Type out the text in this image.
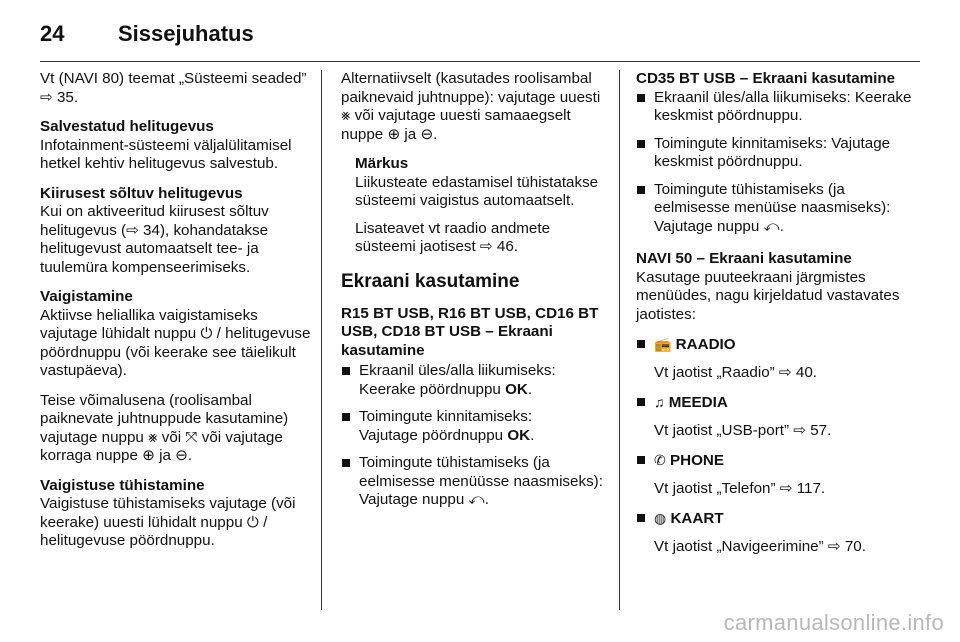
24	Sissejuhatus

Vt (NAVI 80) teemat „Süsteemi seaded” ⇨ 35.

Salvestatud helitugevus

Infotainment-süsteemi väljalülitamisel hetkel kehtiv helitugevus salvestub.

Kiirusest sõltuv helitugevus

Kui on aktiveeritud kiirusest sõltuv helitugevus (⇨ 34), kohandatakse helitugevust automaatselt tee- ja tuulemüra kompenseerimiseks.

Vaigistamine

Aktiivse heliallika vaigistamiseks vajutage lühidalt nuppu ⏻ / helitugevuse pöördnuppu (või keerake see täielikult vastupäeva).

Teise võimalusena (roolisambal paiknevate juhtnuppude kasutamine) vajutage nuppu ⨳ või ⤧ või vajutage korraga nuppe ⊕ ja ⊖.

Vaigistuse tühistamine

Vaigistuse tühistamiseks vajutage (või keerake) uuesti lühidalt nuppu ⏻ / helitugevuse pöördnuppu.

Alternatiivselt (kasutades roolisambal paiknevaid juhtnuppe): vajutage uuesti ⨳ või vajutage uuesti samaaegselt nuppe ⊕ ja ⊖.

Märkus

Liikusteate edastamisel tühistatakse süsteemi vaigistus automaatselt.

Lisateavet vt raadio andmete süsteemi jaotisest ⇨ 46.

Ekraani kasutamine
R15 BT USB, R16 BT USB, CD16 BT USB, CD18 BT USB – Ekraani kasutamine
Ekraanil üles/alla liikumiseks:
Keerake pöördnuppu OK.
Toimingute kinnitamiseks:
Vajutage pöördnuppu OK.
Toimingute tühistamiseks (ja eelmisesse menüüsse naasmiseks): Vajutage nuppu ⤺.
CD35 BT USB – Ekraani kasutamine
Ekraanil üles/alla liikumiseks: Keerake keskmist pöördnuppu.
Toimingute kinnitamiseks: Vajutage keskmist pöördnuppu.
Toimingute tühistamiseks (ja eelmisesse menüüse naasmiseks): Vajutage nuppu ⤺.
NAVI 50 – Ekraani kasutamine

Kasutage puuteekraani järgmistes menüüdes, nagu kirjeldatud vastavates jaotistes:

📻 RAADIO
Vt jaotist „Raadio” ⇨ 40.
♫ MEEDIA
Vt jaotist „USB-port” ⇨ 57.
✆ PHONE
Vt jaotist „Telefon” ⇨ 117.
◍ KAART
Vt jaotist „Navigeerimine” ⇨ 70.
carmanualsonline.info
